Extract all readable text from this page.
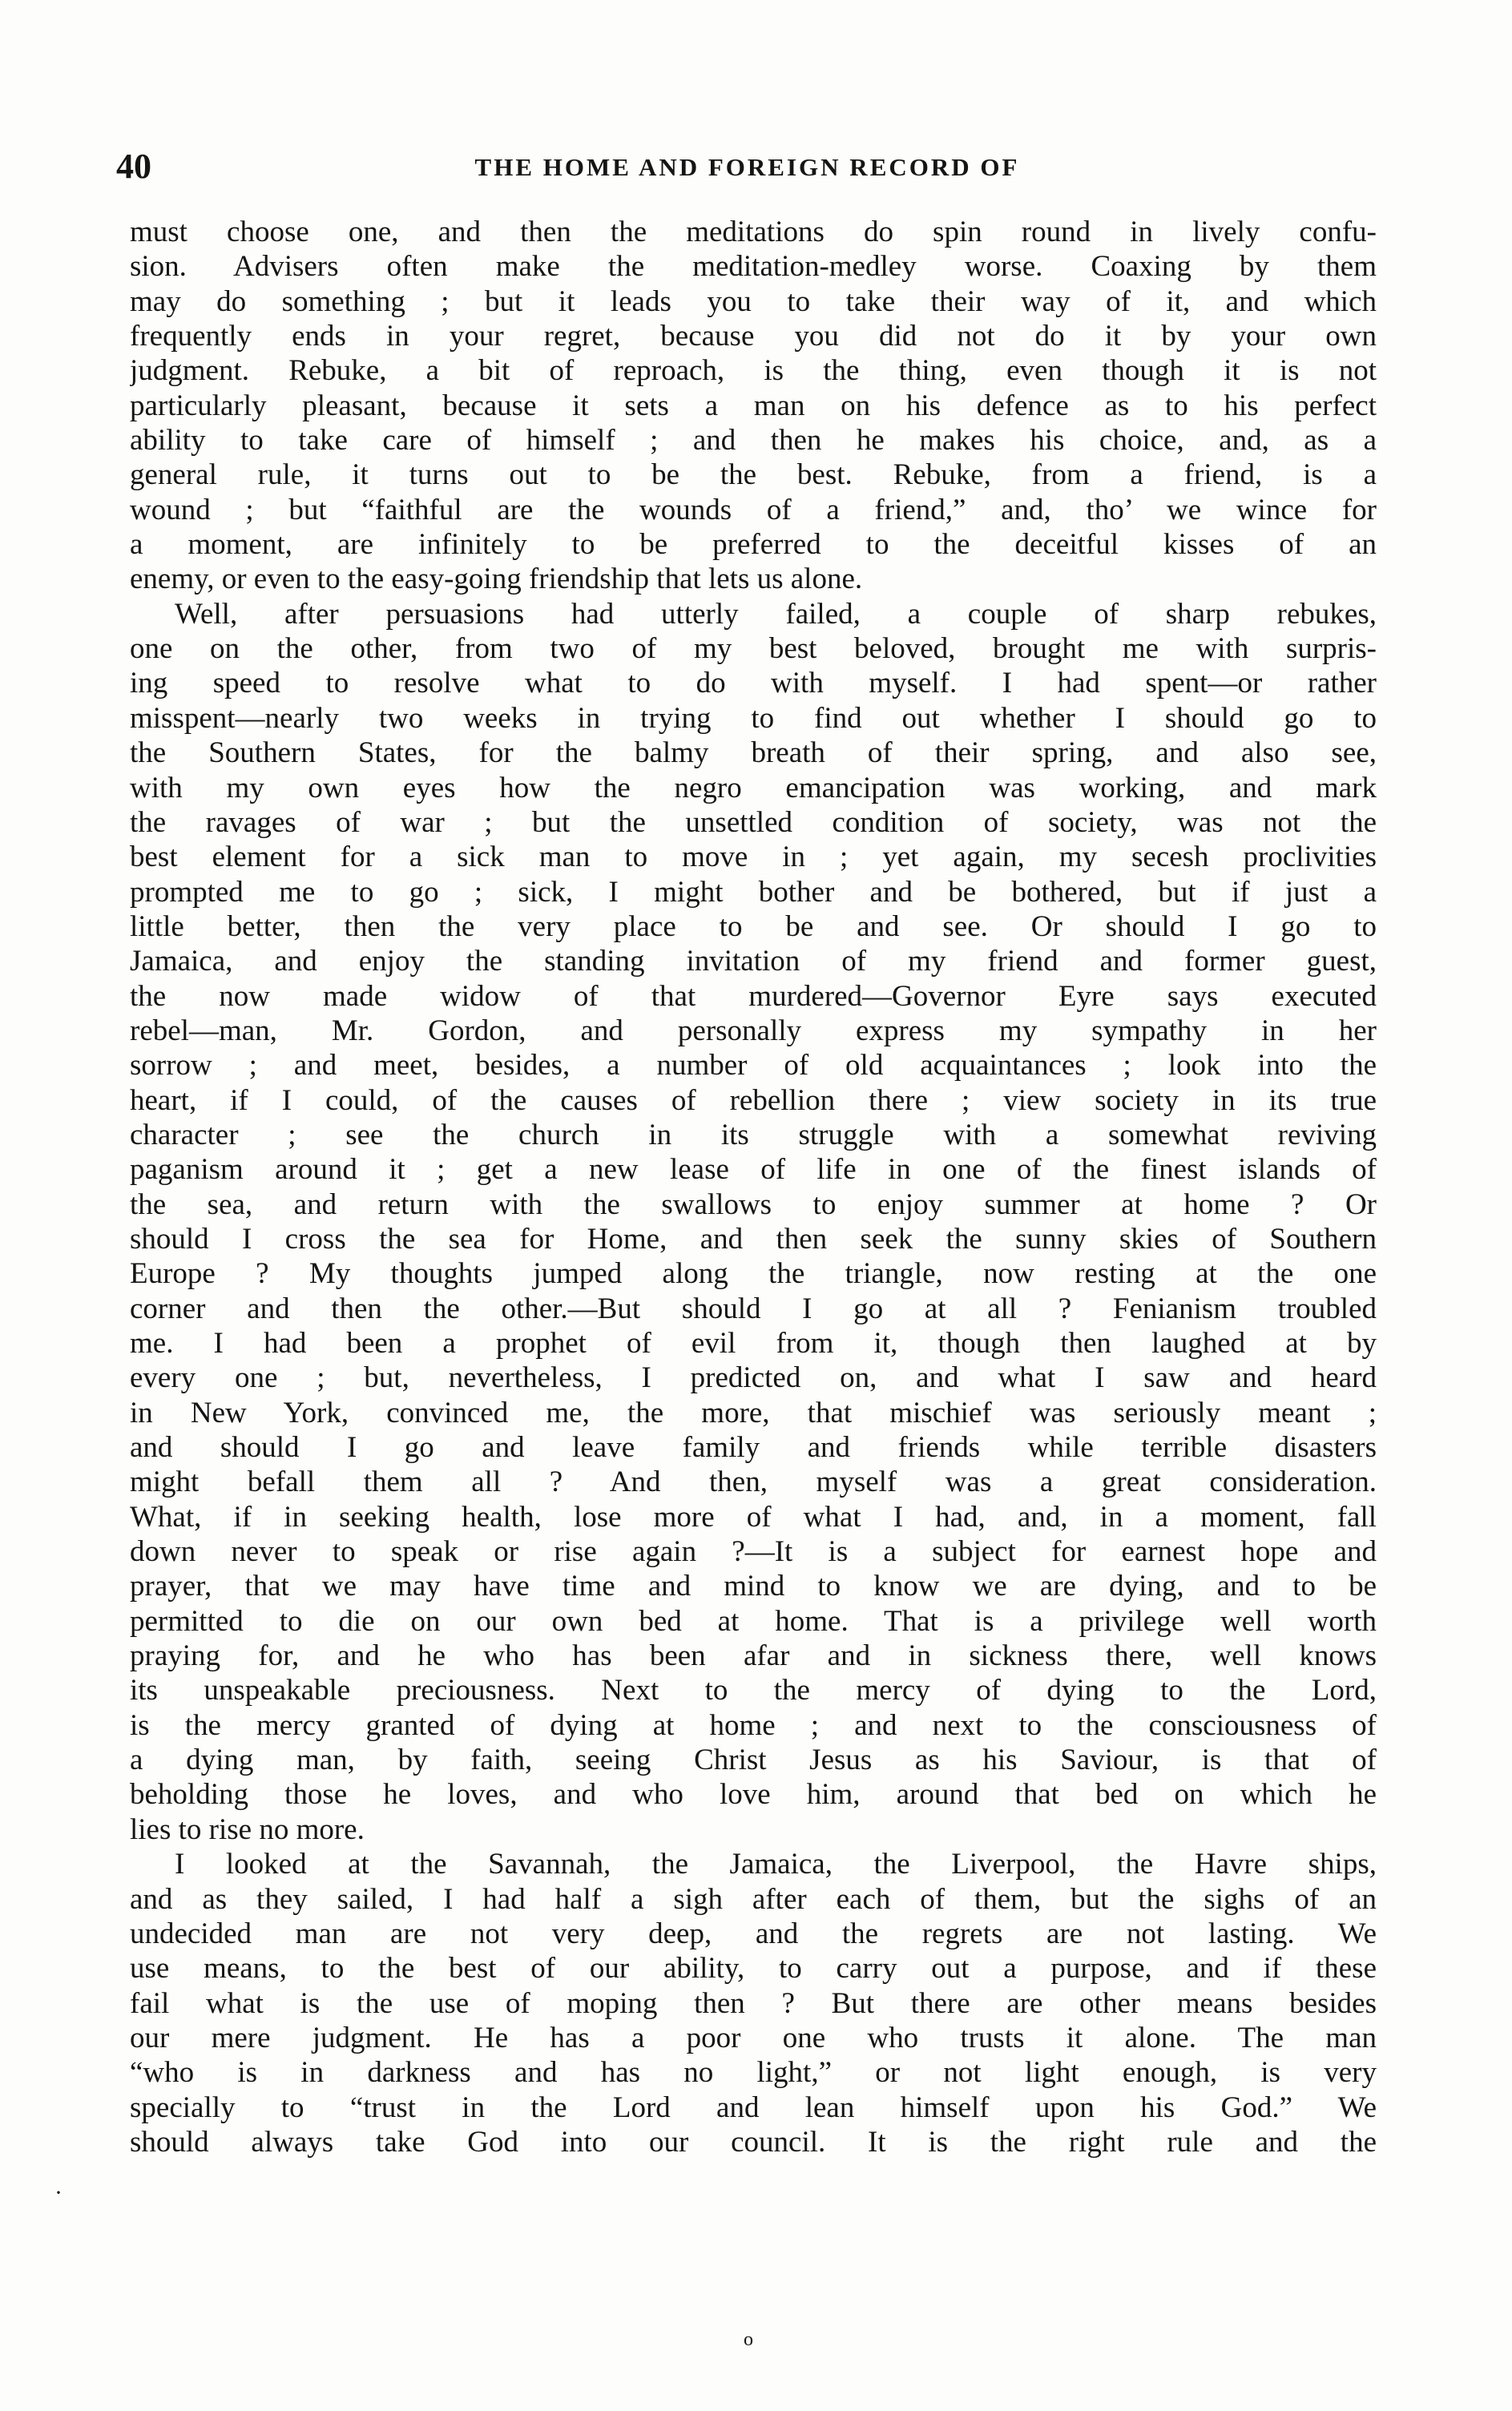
40	THE HOME AND FOREIGN RECORD OF
must choose one, and then the meditations do spin round in lively confu-
sion. Advisers often make the meditation-medley worse. Coaxing by them
may do something ; but it leads you to take their way of it, and which
frequently ends in your regret, because you did not do it by your own
judgment. Rebuke, a bit of reproach, is the thing, even though it is not
particularly pleasant, because it sets a man on his defence as to his perfect
ability to take care of himself ; and then he makes his choice, and, as a
general rule, it turns out to be the best. Rebuke, from a friend, is a
wound ; but “faithful are the wounds of a friend,” and, tho’ we wince for
a moment, are infinitely to be preferred to the deceitful kisses of an
enemy, or even to the easy-going friendship that lets us alone.
Well, after persuasions had utterly failed, a couple of sharp rebukes,
one on the other, from two of my best beloved, brought me with surpris-
ing speed to resolve what to do with myself. I had spent—or rather
misspent—nearly two weeks in trying to find out whether I should go to
the Southern States, for the balmy breath of their spring, and also see,
with my own eyes how the negro emancipation was working, and mark
the ravages of war ; but the unsettled condition of society, was not the
best element for a sick man to move in ; yet again, my secesh proclivities
prompted me to go ; sick, I might bother and be bothered, but if just a
little better, then the very place to be and see. Or should I go to
Jamaica, and enjoy the standing invitation of my friend and former guest,
the now made widow of that murdered—Governor Eyre says executed
rebel—man, Mr. Gordon, and personally express my sympathy in her
sorrow ; and meet, besides, a number of old acquaintances ; look into the
heart, if I could, of the causes of rebellion there ; view society in its true
character ; see the church in its struggle with a somewhat reviving
paganism around it ; get a new lease of life in one of the finest islands of
the sea, and return with the swallows to enjoy summer at home ? Or
should I cross the sea for Home, and then seek the sunny skies of Southern
Europe ? My thoughts jumped along the triangle, now resting at the one
corner and then the other.—But should I go at all ? Fenianism troubled
me. I had been a prophet of evil from it, though then laughed at by
every one ; but, nevertheless, I predicted on, and what I saw and heard
in New York, convinced me, the more, that mischief was seriously meant ;
and should I go and leave family and friends while terrible disasters
might befall them all ? And then, myself was a great consideration.
What, if in seeking health, lose more of what I had, and, in a moment, fall
down never to speak or rise again ?—It is a subject for earnest hope and
prayer, that we may have time and mind to know we are dying, and to be
permitted to die on our own bed at home. That is a privilege well worth
praying for, and he who has been afar and in sickness there, well knows
its unspeakable preciousness. Next to the mercy of dying to the Lord,
is the mercy granted of dying at home ; and next to the consciousness of
a dying man, by faith, seeing Christ Jesus as his Saviour, is that of
beholding those he loves, and who love him, around that bed on which he
lies to rise no more.
I looked at the Savannah, the Jamaica, the Liverpool, the Havre ships,
and as they sailed, I had half a sigh after each of them, but the sighs of an
undecided man are not very deep, and the regrets are not lasting. We
use means, to the best of our ability, to carry out a purpose, and if these
fail what is the use of moping then ? But there are other means besides
our mere judgment. He has a poor one who trusts it alone. The man
“who is in darkness and has no light,” or not light enough, is very
specially to “trust in the Lord and lean himself upon his God.” We
should always take God into our council. It is the right rule and the
·
o
